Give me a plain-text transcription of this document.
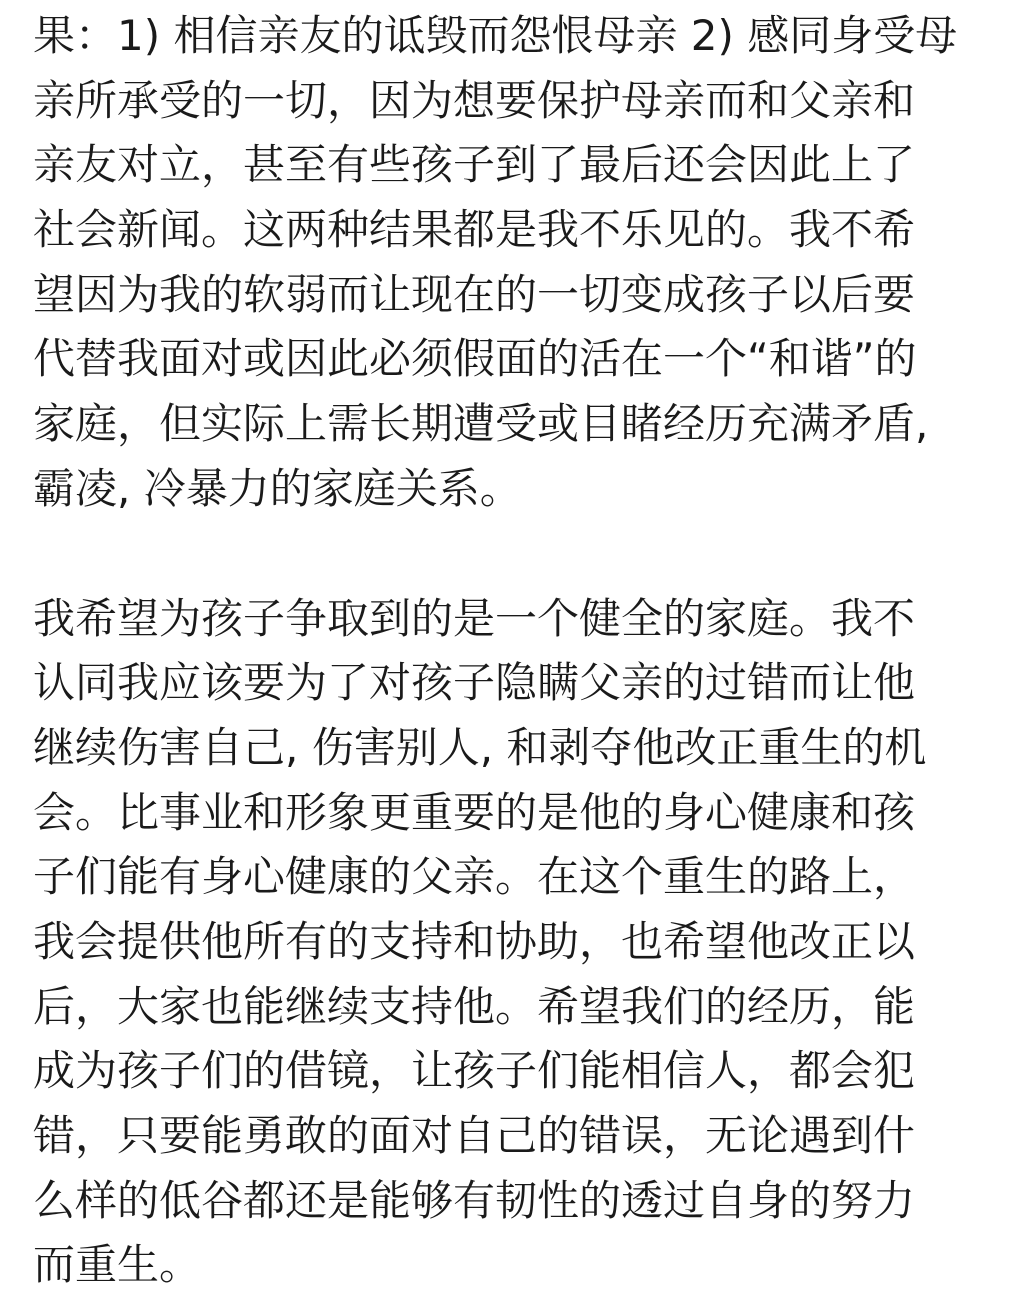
果：1) 相信亲友的诋毁而怨恨母亲 2) 感同身受母
亲所承受的一切，因为想要保护母亲而和父亲和
亲友对立，甚至有些孩子到了最后还会因此上了
社会新闻。这两种结果都是我不乐见的。我不希
望因为我的软弱而让现在的一切变成孩子以后要
代替我面对或因此必须假面的活在一个“和谐”的
家庭，但实际上需长期遭受或目睹经历充满矛盾,
霸凌, 冷暴力的家庭关系。
我希望为孩子争取到的是一个健全的家庭。我不
认同我应该要为了对孩子隐瞒父亲的过错而让他
继续伤害自己, 伤害别人, 和剥夺他改正重生的机
会。比事业和形象更重要的是他的身心健康和孩
子们能有身心健康的父亲。在这个重生的路上，
我会提供他所有的支持和协助，也希望他改正以
后，大家也能继续支持他。希望我们的经历，能
成为孩子们的借镜，让孩子们能相信人，都会犯
错，只要能勇敢的面对自己的错误，无论遇到什
么样的低谷都还是能够有韧性的透过自身的努力
而重生。
